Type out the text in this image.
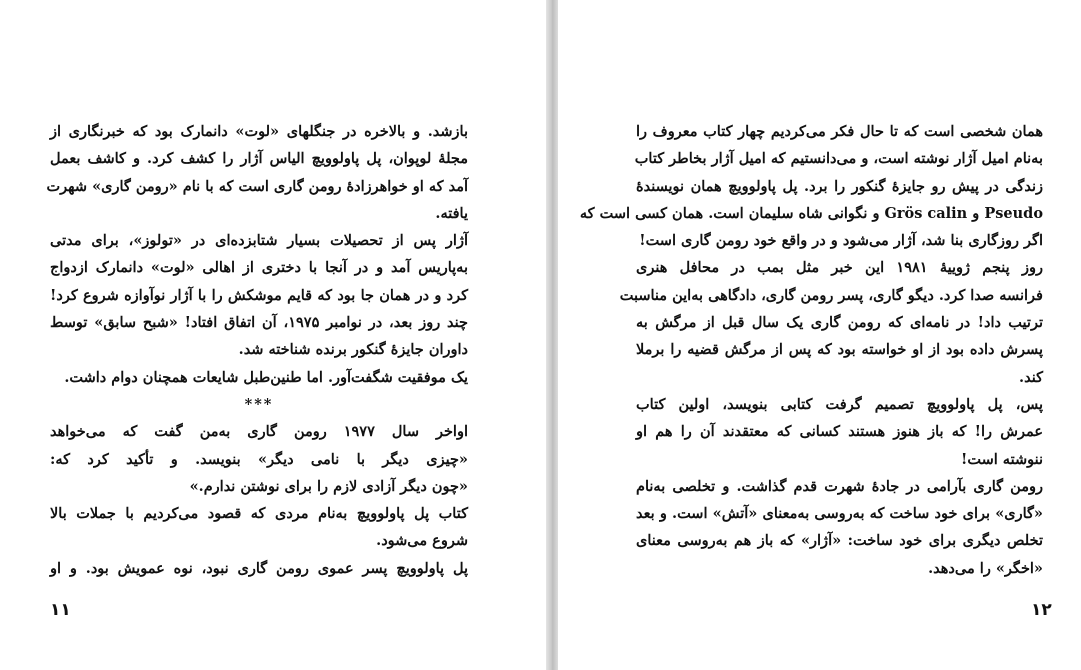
بازشد. و بالاخره در جنگلهای «لوت» دانمارک بود که خبرنگاری از
مجلهٔ لوپوان، پل پاولوویچ الیاس آژار را کشف کرد. و کاشف بعمل
آمد که او خواهرزادهٔ رومن گاری است که با نام «رومن گاری» شهرت
یافته.
آژار پس از تحصیلات بسیار شتابزده‌ای در «تولوز»، برای مدتی
به‌پاریس آمد و در آنجا با دختری از اهالی «لوت» دانمارک ازدواج
کرد و در همان جا بود که قایم موشکش را با آژار نوآوازه شروع کرد!
چند روز بعد، در نوامبر ۱۹۷۵، آن اتفاق افتاد! «شبح سابق» توسط
داوران جایزهٔ گنکور برنده شناخته شد.
یک موفقیت شگفت‌آور. اما طنین‌طبل شایعات همچنان دوام داشت.
***
اواخر سال ۱۹۷۷ رومن گاری به‌من گفت که می‌خواهد
«چیزی دیگر با نامی دیگر» بنویسد. و تأکید کرد که:
«چون دیگر آزادی لازم را برای نوشتن ندارم.»
کتاب پل پاولوویچ به‌نام مردی که قصود می‌کردیم با جملات بالا
شروع می‌شود.
پل پاولوویچ پسر عموی رومن گاری نبود، نوه عمویش بود. و او
۱۱
همان شخصی است که تا حال فکر می‌کردیم چهار کتاب معروف را
به‌نام امیل آژار نوشته است، و می‌دانستیم که امیل آژار بخاطر کتاب
زندگی در پیش رو جایزهٔ گنکور را برد. پل پاولوویچ همان نویسندهٔ
Pseudo و Grös calin و نگوانی شاه سلیمان است. همان کسی است که
اگر روزگاری بنا شد، آژار می‌شود و در واقع خود رومن گاری است!
روز پنجم ژوییهٔ ۱۹۸۱ این خبر مثل بمب در محافل هنری
فرانسه صدا کرد. دیگو گاری، پسر رومن گاری، دادگاهی به‌این مناسبت
ترتیب داد! در نامه‌ای که رومن گاری یک سال قبل از مرگش به
پسرش داده بود از او خواسته بود که پس از مرگش قضیه را برملا
کند.
پس، پل پاولوویچ تصمیم گرفت کتابی بنویسد، اولین کتاب
عمرش را! که باز هنوز هستند کسانی که معتقدند آن را هم او
ننوشته است!
رومن گاری بآرامی در جادهٔ شهرت قدم گذاشت. و تخلصی به‌نام
«گاری» برای خود ساخت که به‌روسی به‌معنای «آتش» است. و بعد
تخلص دیگری برای خود ساخت: «آژار» که باز هم به‌روسی معنای
«اخگر» را می‌دهد.
۱۲
